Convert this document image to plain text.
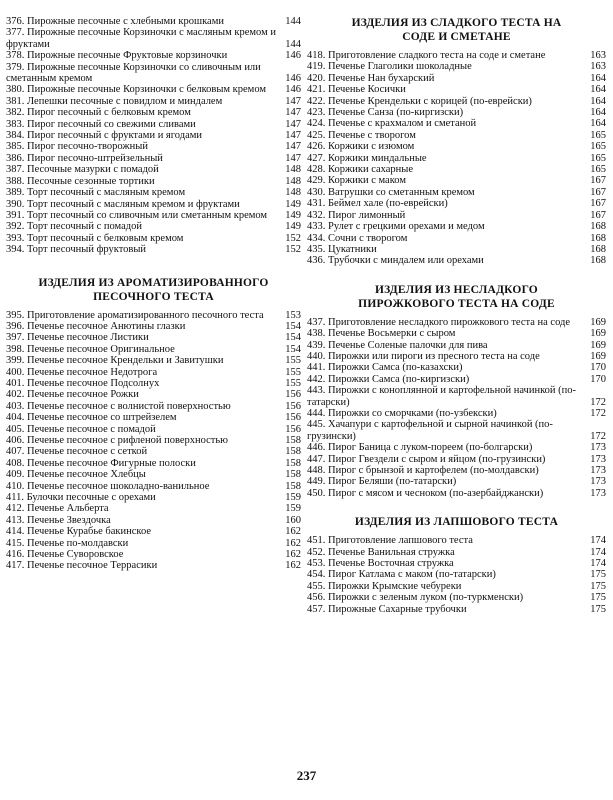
376. Пирожные песочные с хлебными крошками	144
377. Пирожные песочные Корзиночки с масляным кремом и фруктами	144
378. Пирожные песочные Фруктовые корзиночки	146
379. Пирожные песочные Корзиночки со сливочным или сметанным кремом	146
380. Пирожные песочные Корзиночки с белковым кремом 146
381. Лепешки песочные с повидлом и миндалем	147
382. Пирог песочный с белковым кремом	147
383. Пирог песочный со свежими сливами	147
384. Пирог песочный с фруктами и ягодами	147
385. Пирог песочно-творожный	147
386. Пирог песочно-штрейзельный	147
387. Песочные мазурки с помадой	148
388. Песочные сезонные тортики	148
389. Торт песочный с масляным кремом	148
390. Торт песочный с масляным кремом и фруктами	149
391. Торт песочный со сливочным или сметанным кремом 149
392. Торт песочный с помадой	149
393. Торт песочный с белковым кремом	152
394. Торт песочный фруктовый	152
ИЗДЕЛИЯ ИЗ АРОМАТИЗИРОВАННОГО
ПЕСОЧНОГО ТЕСТА
395. Приготовление ароматизированного песочного теста 153
396. Печенье песочное Анютины глазки	154
397. Печенье песочное Листики	154
398. Печенье песочное Оригинальное	154
399. Печенье песочное Крендельки и Завитушки	155
400. Печенье песочное Недотрога	155
401. Печенье песочное Подсолнух	155
402. Печенье песочное Рожки	156
403. Печенье песочное с волнистой поверхностью	156
404. Печенье песочное со штрейзелем	156
405. Печенье песочное с помадой	156
406. Печенье песочное с рифленой поверхностью	158
407. Печенье песочное с сеткой	158
408. Печенье песочное Фигурные полоски	158
409. Печенье песочное Хлебцы	158
410. Печенье песочное шоколадно-ванильное	158
411. Булочки песочные с орехами	159
412. Печенье Альберта	159
413. Печенье Звездочка	160
414. Печенье Курабье бакинское	162
415. Печенье по-молдавски	162
416. Печенье Суворовское	162
417. Печенье песочное Террасики	162
ИЗДЕЛИЯ ИЗ СЛАДКОГО ТЕСТА НА
СОДЕ И СМЕТАНЕ
418. Приготовление сладкого теста на соде и сметане	163
419. Печенье Глаголики шоколадные	163
420. Печенье Нан бухарский	164
421. Печенье Косички	164
422. Печенье Крендельки с корицей (по-еврейски)	164
423. Печенье Санза (по-киргизски)	164
424. Печенье с крахмалом и сметаной	164
425. Печенье с творогом	165
426. Коржики с изюмом	165
427. Коржики миндальные	165
428. Коржики сахарные	165
429. Коржики с маком	167
430. Ватрушки со сметанным кремом	167
431. Беймел хале (по-еврейски)	167
432. Пирог лимонный	167
433. Рулет с грецкими орехами и медом	168
434. Сочни с творогом	168
435. Цукатники	168
436. Трубочки с миндалем или орехами	168
ИЗДЕЛИЯ ИЗ НЕСЛАДКОГО
ПИРОЖКОВОГО ТЕСТА НА СОДЕ
437. Приготовление несладкого пирожкового теста на соде 169
438. Печенье Восьмерки с сыром	169
439. Печенье Соленые палочки для пива	169
440. Пирожки или пироги из пресного теста на соде	169
441. Пирожки Самса (по-казахски)	170
442. Пирожки Самса (по-киргизски)	170
443. Пирожки с коноплянной и картофельной начинкой (по-татарски)	172
444. Пирожки со сморчками (по-узбекски)	172
445. Хачапури с картофельной и сырной начинкой (по-грузински)	172
446. Пирог Баница с луком-пореем (по-болгарски)	173
447. Пирог Гвездели с сыром и яйцом (по-грузински)	173
448. Пирог с брынзой и картофелем (по-молдавски)	173
449. Пирог Беляши (по-татарски)	173
450. Пирог с мясом и чесноком (по-азербайджански)	173
ИЗДЕЛИЯ ИЗ ЛАПШОВОГО ТЕСТА
451. Приготовление лапшового теста	174
452. Печенье Ванильная стружка	174
453. Печенье Восточная стружка	174
454. Пирог Катлама с маком (по-татарски)	175
455. Пирожки Крымские чебуреки	175
456. Пирожки с зеленым луком (по-туркменски)	175
457. Пирожные Сахарные трубочки	175
237
